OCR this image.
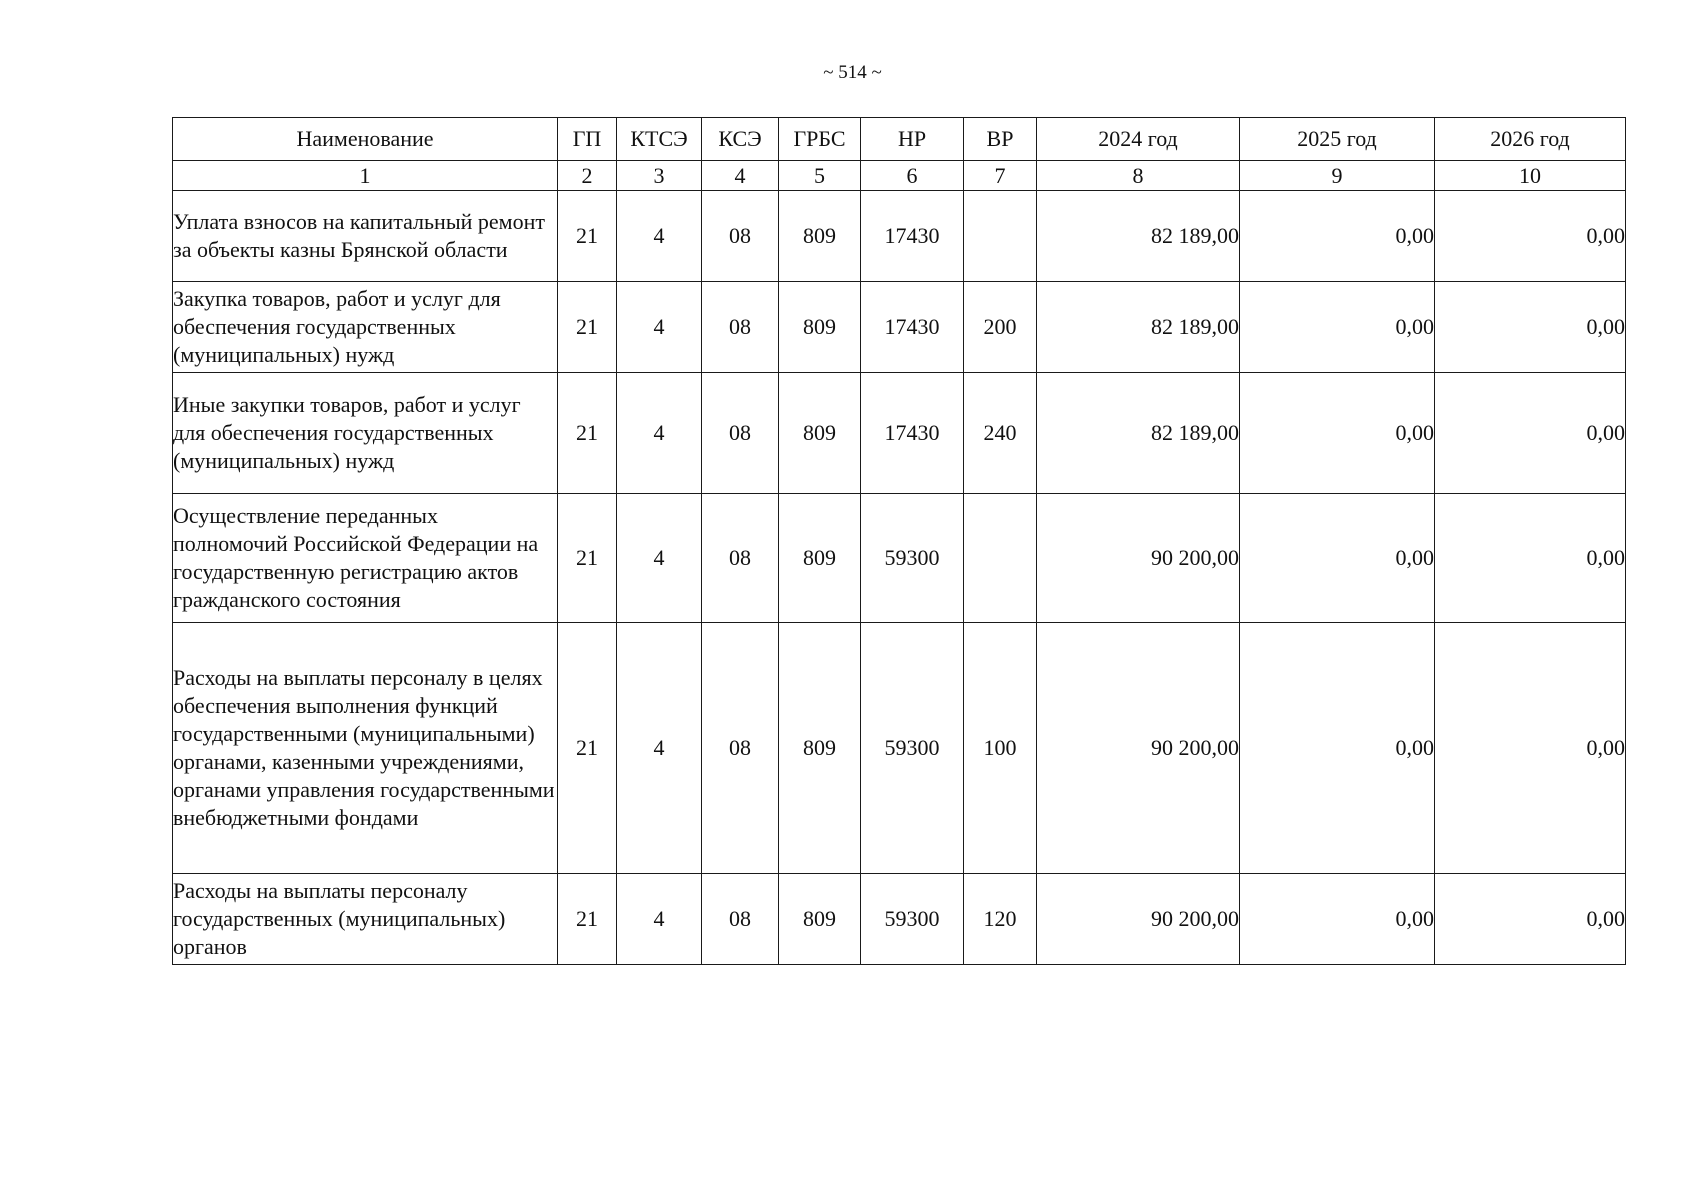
~ 514 ~
Наименование	ГП	КТСЭ	КСЭ	ГРБС	НР	ВР	2024 год	2025 год	2026 год
1	2	3	4	5	6	7	8	9	10
Уплата взносов на капитальный ремонт за объекты казны Брянской области	21	4	08	809	17430		82 189,00	0,00	0,00
Закупка товаров, работ и услуг для обеспечения государственных (муниципальных) нужд	21	4	08	809	17430	200	82 189,00	0,00	0,00
Иные закупки товаров, работ и услуг для обеспечения государственных (муниципальных) нужд	21	4	08	809	17430	240	82 189,00	0,00	0,00
Осуществление переданных полномочий Российской Федерации на государственную регистрацию актов гражданского состояния	21	4	08	809	59300		90 200,00	0,00	0,00
Расходы на выплаты персоналу в целях обеспечения выполнения функций государственными (муниципальными) органами, казенными учреждениями, органами управления государственными внебюджетными фондами	21	4	08	809	59300	100	90 200,00	0,00	0,00
Расходы на выплаты персоналу государственных (муниципальных) органов	21	4	08	809	59300	120	90 200,00	0,00	0,00
